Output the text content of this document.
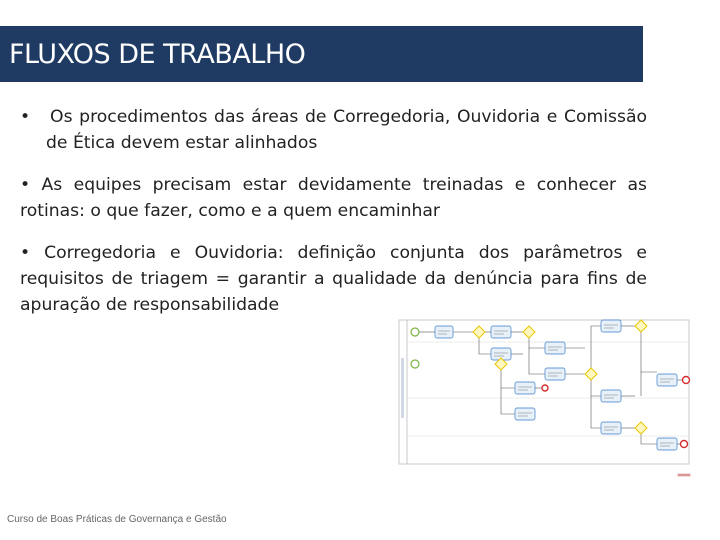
FLUXOS DE TRABALHO

• Os procedimentos das áreas de Corregedoria, Ouvidoria e Comissão de Ética devem estar alinhados

• As equipes precisam estar devidamente treinadas e conhecer as rotinas: o que fazer, como e a quem encaminhar

• Corregedoria e Ouvidoria: definição conjunta dos parâmetros e requisitos de triagem = garantir a qualidade da denúncia para fins de apuração de responsabilidade

Curso de Boas Práticas de Governança e Gestão
